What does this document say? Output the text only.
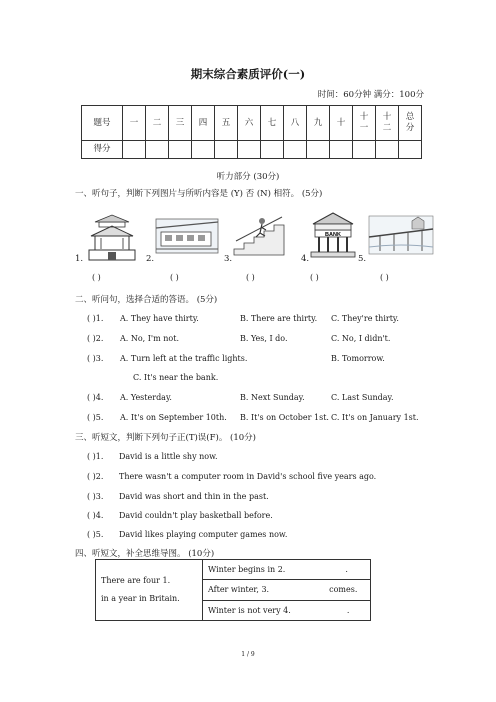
期末综合素质评价(一)
时间：60分钟 满分：100分
题号	一	二	三	四	五	六	七	八	九	十	十一	十二	总分
得分													
听力部分 (30分)
一、听句子，判断下列图片与所听内容是 (Y) 否 (N) 相符。 (5分)
BANK
1.	2.	3.	4.	5.
( )	( )	( )	( )	( )
二、听问句，选择合适的答语。 (5分)
( )1. A. They have thirty.	B. There are thirty. C. They're thirty.
( )2. A. No, I'm not.	B. Yes, I do.	C. No, I didn't.
( )3. A. Turn left at the traffic lights.	B. Tomorrow.
C. It's near the bank.
( )4. A. Yesterday.	B. Next Sunday.	C. Last Sunday.
( )5. A. It's on September 10th. B. It's on October 1st. C. It's on January 1st.
三、听短文，判断下列句子正(T)误(F)。 (10分)
( )1. David is a little shy now.
( )2. There wasn't a computer room in David's school five years ago.
( )3. David was short and thin in the past.
( )4. David couldn't play basketball before.
( )5. David likes playing computer games now.
四、听短文，补全思维导图。 (10分)
There are four 1.
in a year in Britain.
	Winter begins in 2.	.
After winter, 3.	comes.
Winter is not very 4.	.
1 / 9
